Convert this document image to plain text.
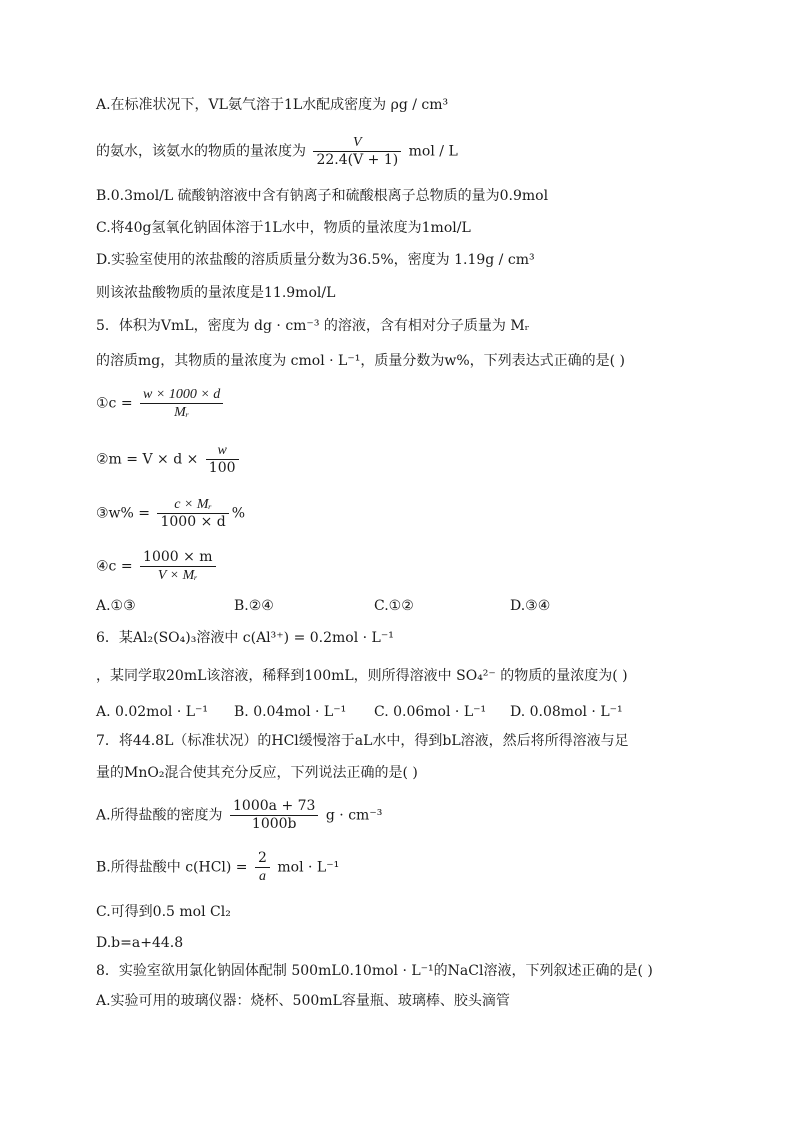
A.在标准状况下，VL氨气溶于1L水配成密度为 ρg / cm³
的氨水，该氨水的物质的量浓度为 $\frac{V}{22.4(V + 1)}$ mol / L
B.0.3mol/L 硫酸钠溶液中含有钠离子和硫酸根离子总物质的量为0.9mol
C.将40g氢氧化钠固体溶于1L水中，物质的量浓度为1mol/L
D.实验室使用的浓盐酸的溶质质量分数为36.5%，密度为 1.19g / cm³
则该浓盐酸物质的量浓度是11.9mol/L
5．体积为VmL，密度为 dg · cm⁻³ 的溶液，含有相对分子质量为 Mᵣ
的溶质mg，其物质的量浓度为 cmol · L⁻¹，质量分数为w%，下列表达式正确的是( )
①c = $\frac{w \times 1000 \times d}{\text{Mᵣ}}$
②m = $V \times d \times \frac{w}{100}$
③w% = $\frac{\text{c × Mᵣ}}{1000 \times d}$ %
④c = $\frac{1000 \times m}{\text{V × Mᵣ}}$
A.①③	B.②④	C.①②	D.③④
6．某Al₂(SO₄)₃溶液中 c(Al³⁺) = 0.2mol · L⁻¹
，某同学取20mL该溶液，稀释到100mL，则所得溶液中 SO₄²⁻ 的物质的量浓度为( )
A. 0.02mol · L⁻¹ B. 0.04mol · L⁻¹ C. 0.06mol · L⁻¹ D. 0.08mol · L⁻¹
7．将44.8L（标准状况）的HCl缓慢溶于aL水中，得到bL溶液，然后将所得溶液与足
量的MnO₂混合使其充分反应，下列说法正确的是( )
A.所得盐酸的密度为 $\frac{1000a + 73}{1000b}$ g · cm⁻³
B.所得盐酸中 $c(HCl) = \frac{2}{a}$ mol · L⁻¹
C.可得到0.5 mol Cl₂
D.b=a+44.8
8．实验室欲用氯化钠固体配制 500mL0.10mol · L⁻¹的NaCl溶液，下列叙述正确的是( )
A.实验可用的玻璃仪器：烧杯、500mL容量瓶、玻璃棒、胶头滴管
